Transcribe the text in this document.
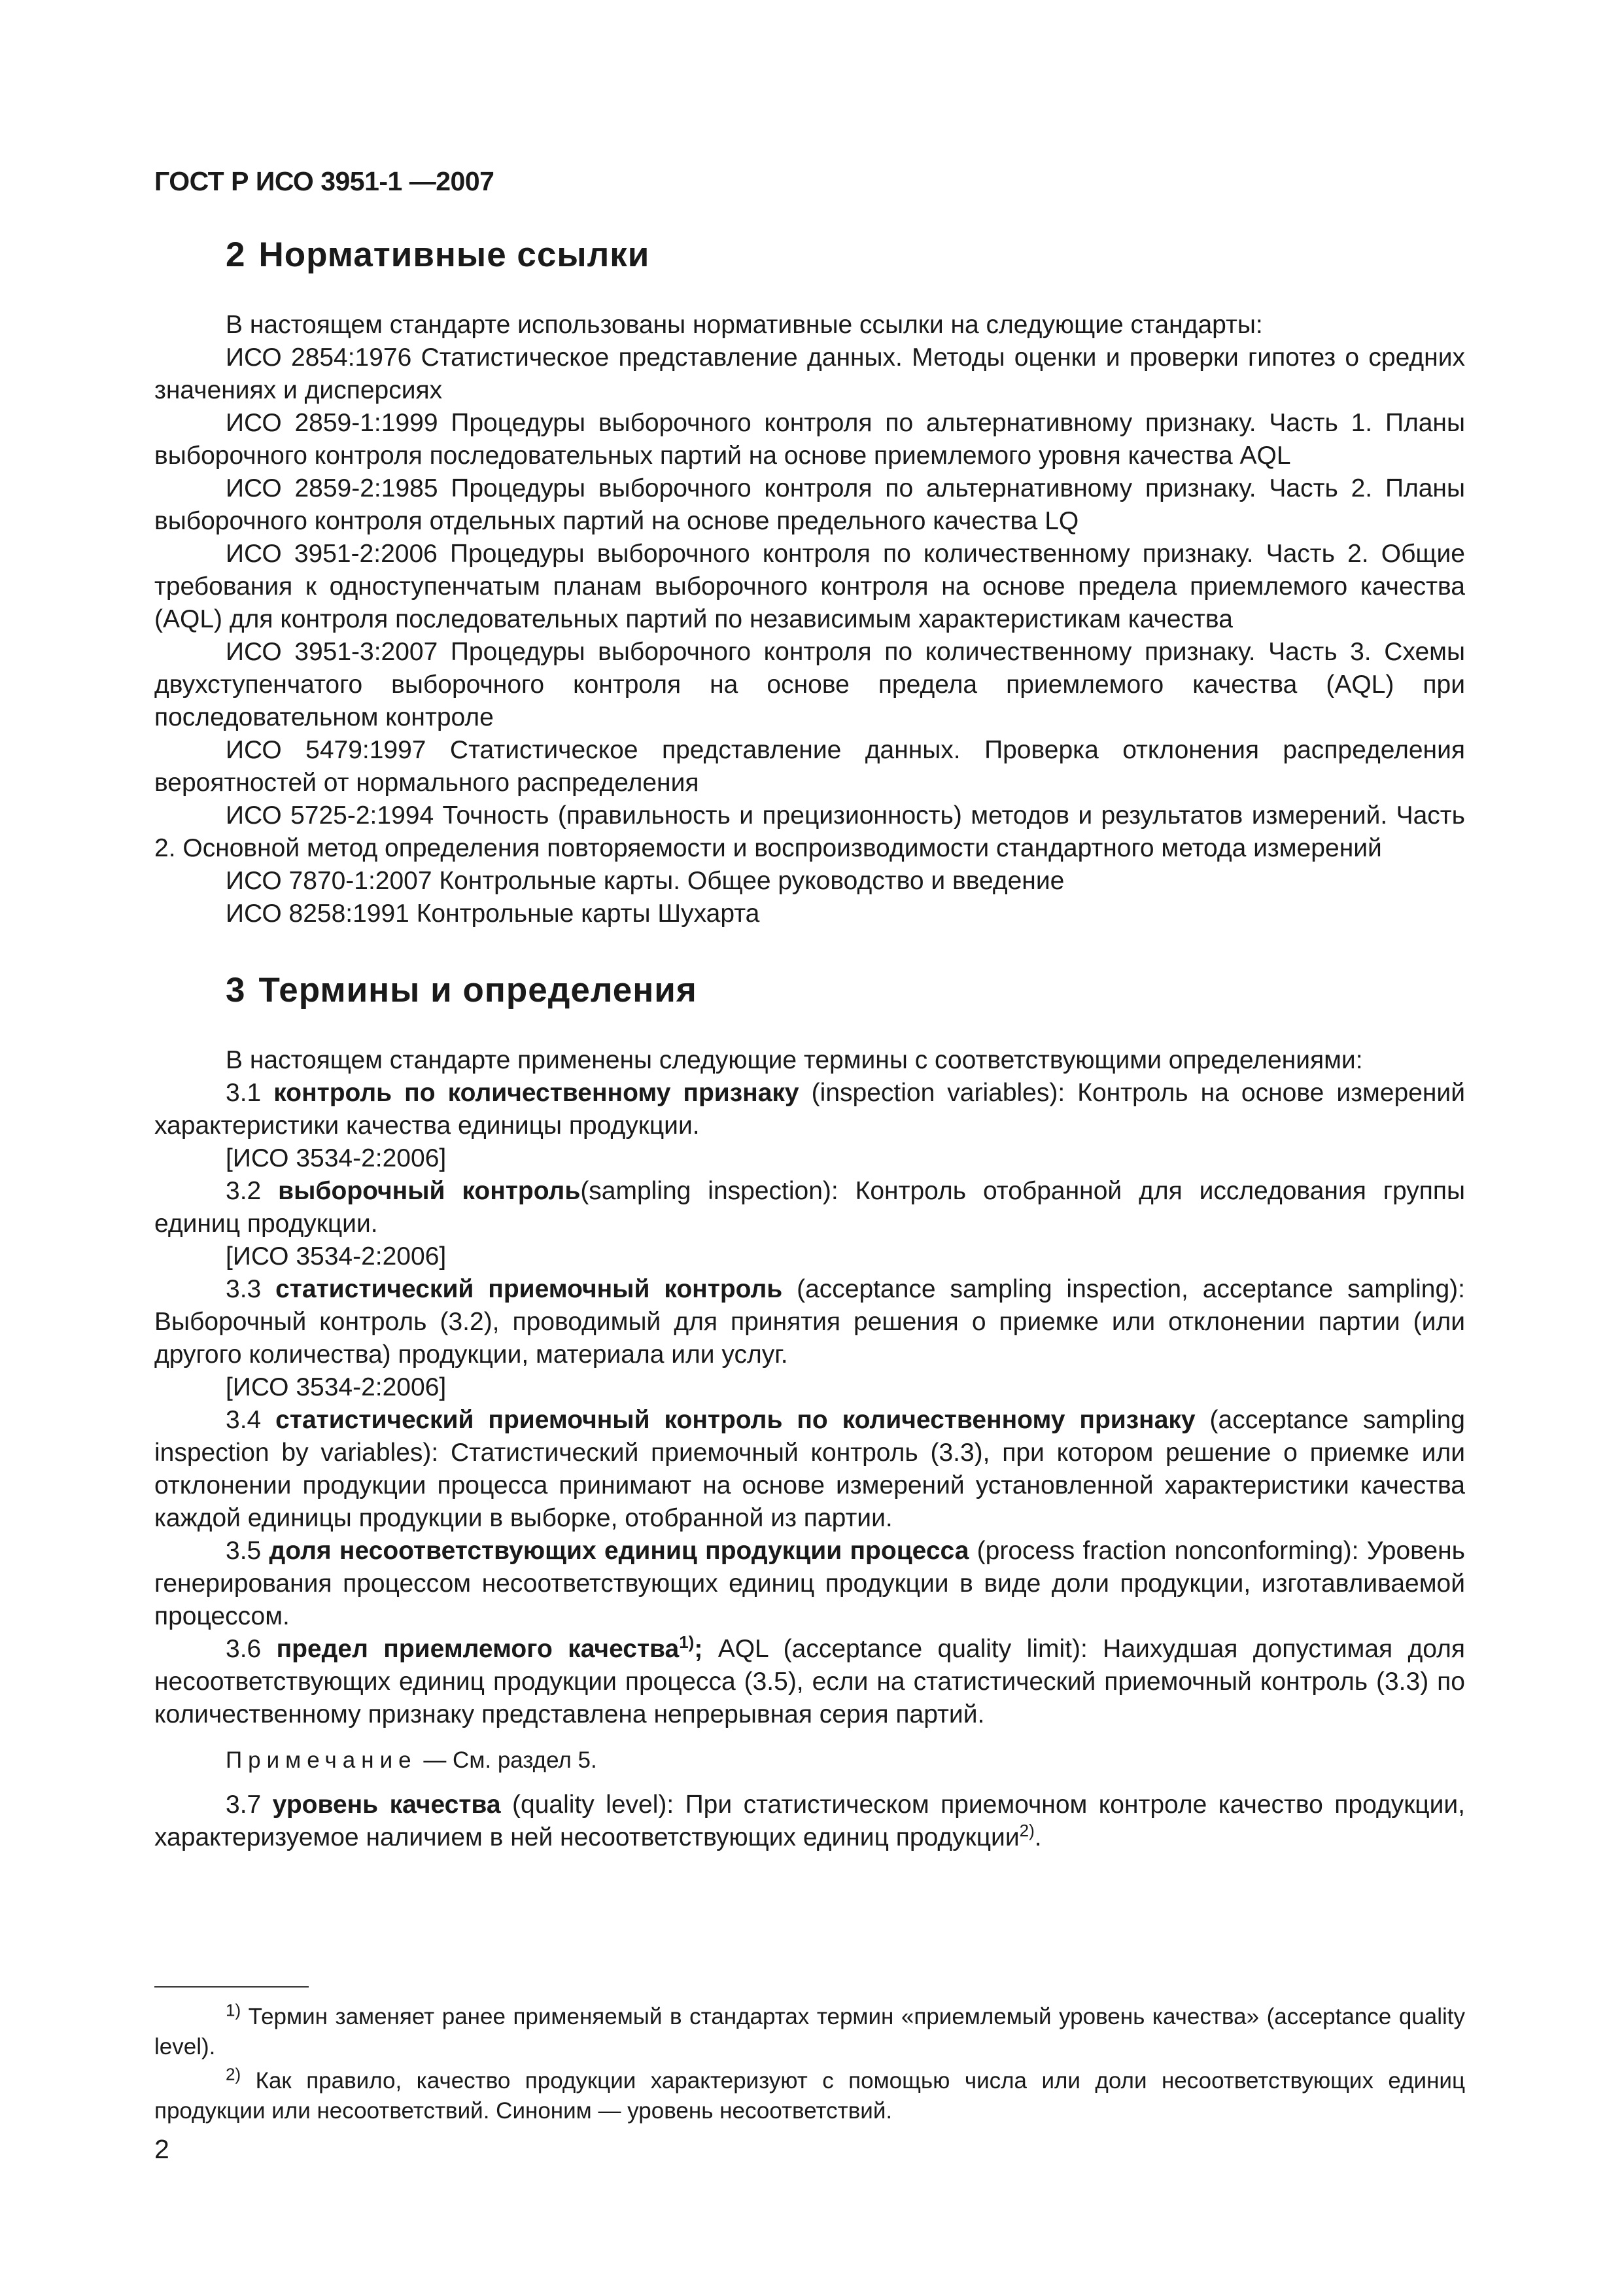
ГОСТ Р ИСО 3951-1 —2007
2 Нормативные ссылки

В настоящем стандарте использованы нормативные ссылки на следующие стандарты:

ИСО 2854:1976 Статистическое представление данных. Методы оценки и проверки гипотез о средних значениях и дисперсиях

ИСО 2859-1:1999 Процедуры выборочного контроля по альтернативному признаку. Часть 1. Планы выборочного контроля последовательных партий на основе приемлемого уровня качества AQL

ИСО 2859-2:1985 Процедуры выборочного контроля по альтернативному признаку. Часть 2. Планы выборочного контроля отдельных партий на основе предельного качества LQ

ИСО 3951-2:2006 Процедуры выборочного контроля по количественному признаку. Часть 2. Общие требования к одноступенчатым планам выборочного контроля на основе предела приемлемого качества (AQL) для контроля последовательных партий по независимым характеристикам качества

ИСО 3951-3:2007 Процедуры выборочного контроля по количественному признаку. Часть 3. Схемы двухступенчатого выборочного контроля на основе предела приемлемого качества (AQL) при последовательном контроле

ИСО 5479:1997 Статистическое представление данных. Проверка отклонения распределения вероятностей от нормального распределения

ИСО 5725-2:1994 Точность (правильность и прецизионность) методов и результатов измерений. Часть 2. Основной метод определения повторяемости и воспроизводимости стандартного метода измерений

ИСО 7870-1:2007 Контрольные карты. Общее руководство и введение

ИСО 8258:1991 Контрольные карты Шухарта

3 Термины и определения

В настоящем стандарте применены следующие термины с соответствующими определениями:

3.1 контроль по количественному признаку (inspection variables): Контроль на основе измерений характеристики качества единицы продукции.

[ИСО 3534-2:2006]

3.2 выборочный контроль(sampling inspection): Контроль отобранной для исследования группы единиц продукции.

[ИСО 3534-2:2006]

3.3 статистический приемочный контроль (acceptance sampling inspection, acceptance sampling): Выборочный контроль (3.2), проводимый для принятия решения о приемке или отклонении партии (или другого количества) продукции, материала или услуг.

[ИСО 3534-2:2006]

3.4 статистический приемочный контроль по количественному признаку (acceptance sampling inspection by variables): Статистический приемочный контроль (3.3), при котором решение о приемке или отклонении продукции процесса принимают на основе измерений установленной характеристики качества каждой единицы продукции в выборке, отобранной из партии.

3.5 доля несоответствующих единиц продукции процесса (process fraction nonconforming): Уровень генерирования процессом несоответствующих единиц продукции в виде доли продукции, изготавливаемой процессом.

3.6 предел приемлемого качества$^{1)}$; AQL (acceptance quality limit): Наихудшая допустимая доля несоответствующих единиц продукции процесса (3.5), если на статистический приемочный контроль (3.3) по количественному признаку представлена непрерывная серия партий.

Примечание — См. раздел 5.

3.7 уровень качества (quality level): При статистическом приемочном контроле качество продукции, характеризуемое наличием в ней несоответствующих единиц продукции$^{2)}$.

$^{1)}$ Термин заменяет ранее применяемый в стандартах термин «приемлемый уровень качества» (acceptance quality level).

$^{2)}$ Как правило, качество продукции характеризуют с помощью числа или доли несоответствующих единиц продукции или несоответствий. Синоним — уровень несоответствий.

2
